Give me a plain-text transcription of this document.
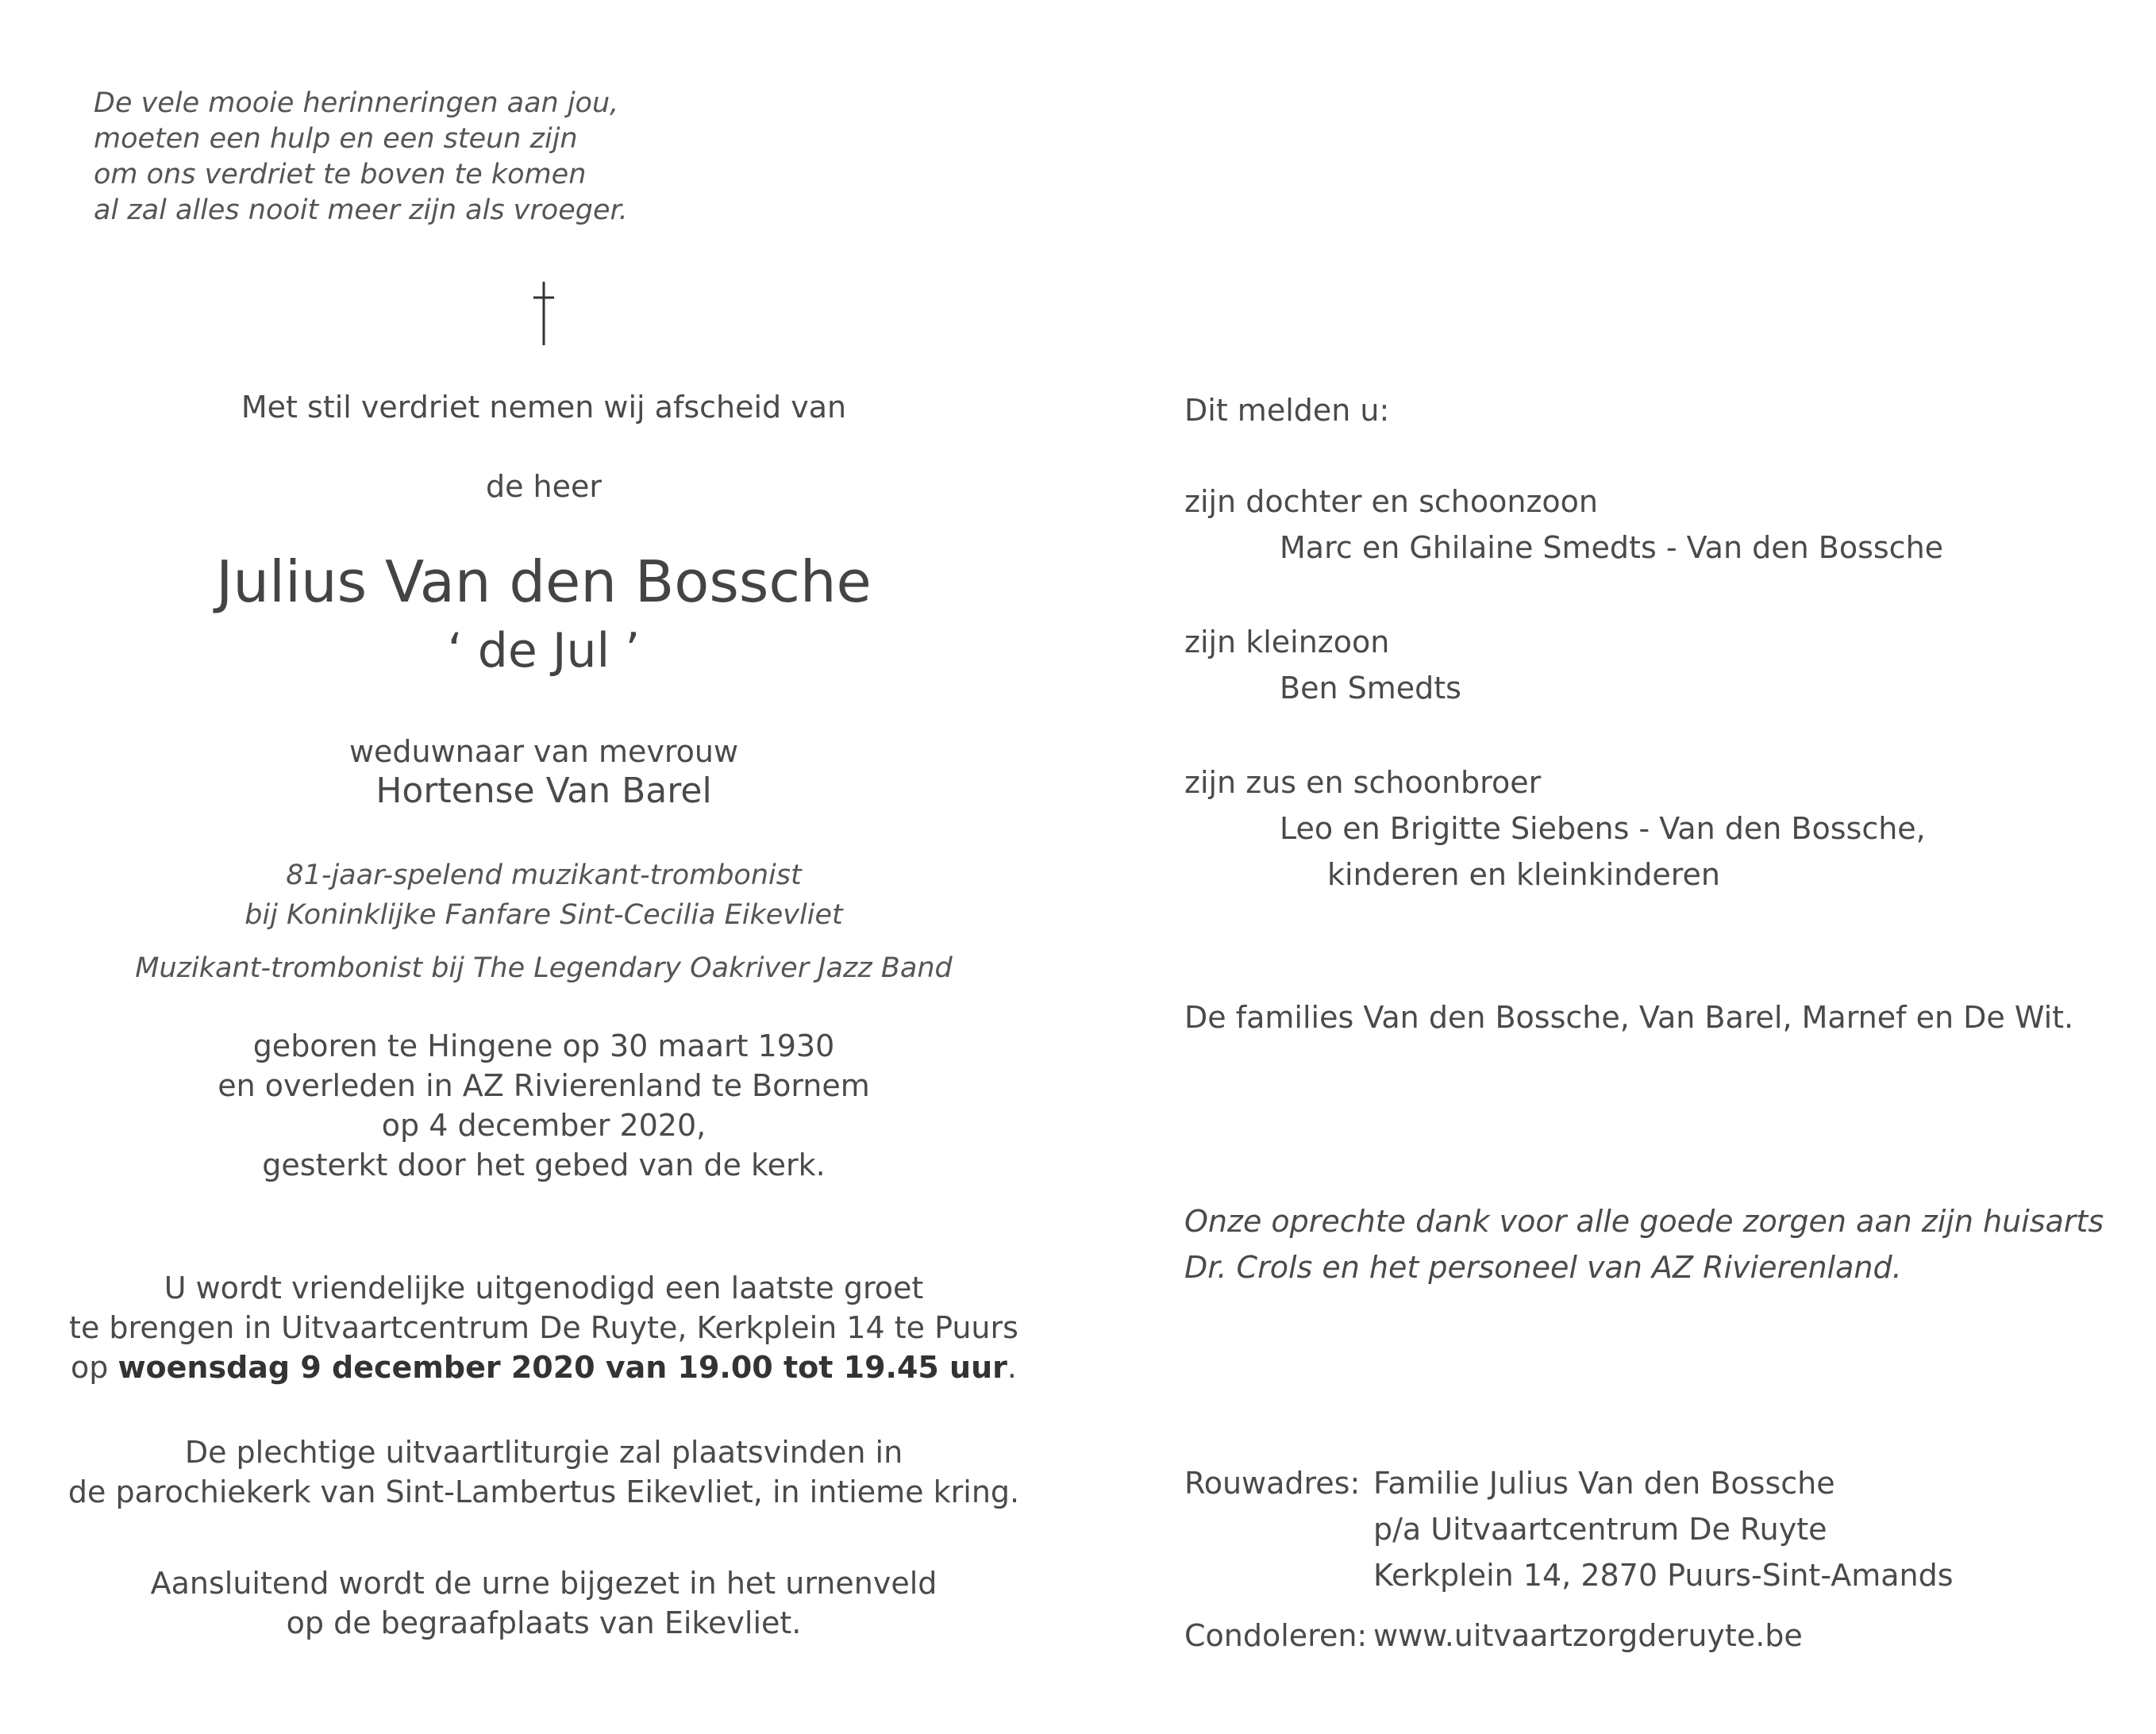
De vele mooie herinneringen aan jou,
moeten een hulp en een steun zijn
om ons verdriet te boven te komen
al zal alles nooit meer zijn als vroeger.
Met stil verdriet nemen wij afscheid van
de heer
Julius Van den Bossche
‘ de Jul ’
weduwnaar van mevrouw
Hortense Van Barel
81-jaar-spelend muzikant-trombonist
bij Koninklijke Fanfare Sint-Cecilia Eikevliet
Muzikant-trombonist bij The Legendary Oakriver Jazz Band
geboren te Hingene op 30 maart 1930
en overleden in AZ Rivierenland te Bornem
op 4 december 2020,
gesterkt door het gebed van de kerk.
U wordt vriendelijke uitgenodigd een laatste groet
te brengen in Uitvaartcentrum De Ruyte, Kerkplein 14 te Puurs
op woensdag 9 december 2020 van 19.00 tot 19.45 uur.
De plechtige uitvaartliturgie zal plaatsvinden in
de parochiekerk van Sint-Lambertus Eikevliet, in intieme kring.
Aansluitend wordt de urne bijgezet in het urnenveld
op de begraafplaats van Eikevliet.
Dit melden u:
zijn dochter en schoonzoon
Marc en Ghilaine Smedts - Van den Bossche
zijn kleinzoon
Ben Smedts
zijn zus en schoonbroer
Leo en Brigitte Siebens - Van den Bossche,
kinderen en kleinkinderen
De families Van den Bossche, Van Barel, Marnef en De Wit.
Onze oprechte dank voor alle goede zorgen aan zijn huisarts
Dr. Crols en het personeel van AZ Rivierenland.
Rouwadres: Familie Julius Van den Bossche
p/a Uitvaartcentrum De Ruyte
Kerkplein 14, 2870 Puurs-Sint-Amands
Condoleren: www.uitvaartzorgderuyte.be
